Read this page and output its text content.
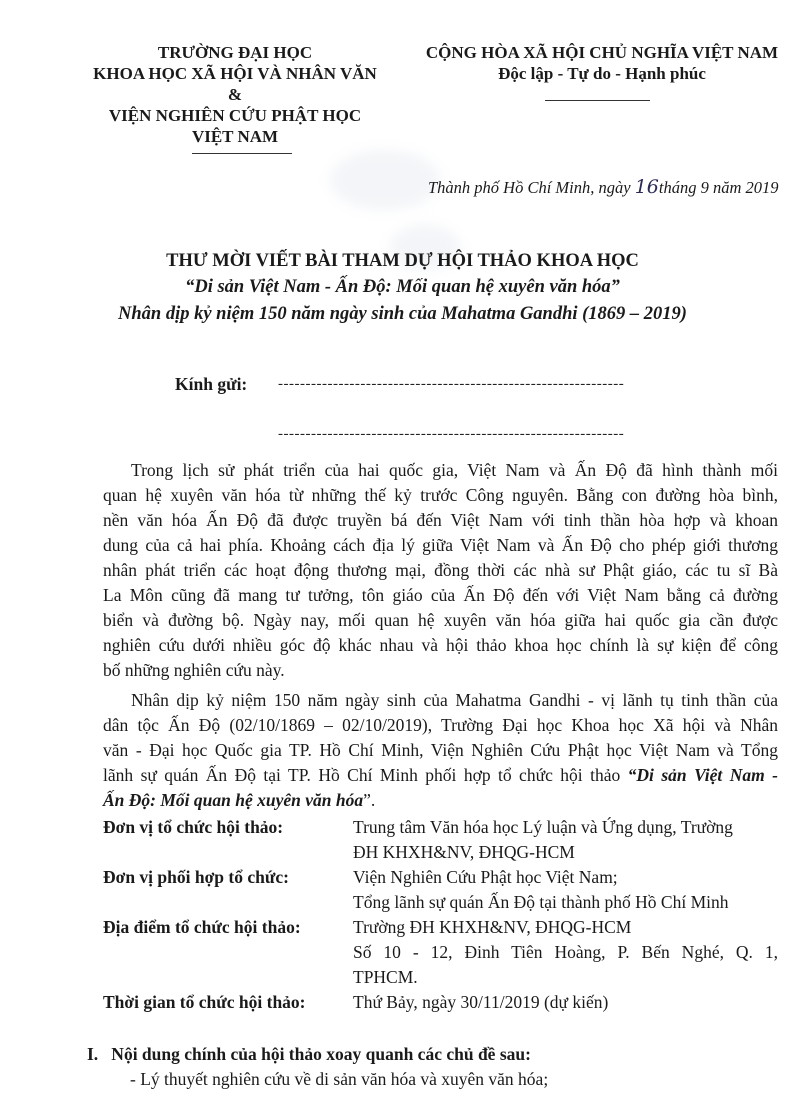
TRƯỜNG ĐẠI HỌC
KHOA HỌC XÃ HỘI VÀ NHÂN VĂN
&
VIỆN NGHIÊN CỨU PHẬT HỌC
VIỆT NAM
CỘNG HÒA XÃ HỘI CHỦ NGHĨA VIỆT NAM
Độc lập - Tự do - Hạnh phúc
Thành phố Hồ Chí Minh, ngày 16tháng 9 năm 2019
THƯ MỜI VIẾT BÀI THAM DỰ HỘI THẢO KHOA HỌC
“Di sản Việt Nam - Ấn Độ: Mối quan hệ xuyên văn hóa”
Nhân dịp kỷ niệm 150 năm ngày sinh của Mahatma Gandhi (1869 – 2019)
Kính gửi: ---------------------------------------------------------------
---------------------------------------------------------------
Trong lịch sử phát triển của hai quốc gia, Việt Nam và Ấn Độ đã hình thành mối
quan hệ xuyên văn hóa từ những thế kỷ trước Công nguyên. Bằng con đường hòa bình,
nền văn hóa Ấn Độ đã được truyền bá đến Việt Nam với tinh thần hòa hợp và khoan
dung của cả hai phía. Khoảng cách địa lý giữa Việt Nam và Ấn Độ cho phép giới thương
nhân phát triển các hoạt động thương mại, đồng thời các nhà sư Phật giáo, các tu sĩ Bà
La Môn cũng đã mang tư tưởng, tôn giáo của Ấn Độ đến với Việt Nam bằng cả đường
biển và đường bộ. Ngày nay, mối quan hệ xuyên văn hóa giữa hai quốc gia cần được
nghiên cứu dưới nhiều góc độ khác nhau và hội thảo khoa học chính là sự kiện để công
bố những nghiên cứu này.
Nhân dịp kỷ niệm 150 năm ngày sinh của Mahatma Gandhi - vị lãnh tụ tinh thần của
dân tộc Ấn Độ (02/10/1869 – 02/10/2019), Trường Đại học Khoa học Xã hội và Nhân
văn - Đại học Quốc gia TP. Hồ Chí Minh, Viện Nghiên Cứu Phật học Việt Nam và Tổng
lãnh sự quán Ấn Độ tại TP. Hồ Chí Minh phối hợp tổ chức hội thảo “Di sản Việt Nam -
Ấn Độ: Mối quan hệ xuyên văn hóa”.
Đơn vị tổ chức hội thảo:	Trung tâm Văn hóa học Lý luận và Ứng dụng, Trường
ĐH KHXH&NV, ĐHQG-HCM
Đơn vị phối hợp tổ chức:	Viện Nghiên Cứu Phật học Việt Nam;
Tổng lãnh sự quán Ấn Độ tại thành phố Hồ Chí Minh
Địa điểm tổ chức hội thảo:	Trường ĐH KHXH&NV, ĐHQG-HCM
Số 10 - 12, Đinh Tiên Hoàng, P. Bến Nghé, Q. 1,
TPHCM.
Thời gian tổ chức hội thảo:	Thứ Bảy, ngày 30/11/2019 (dự kiến)
I.   Nội dung chính của hội thảo xoay quanh các chủ đề sau:
- Lý thuyết nghiên cứu về di sản văn hóa và xuyên văn hóa;
